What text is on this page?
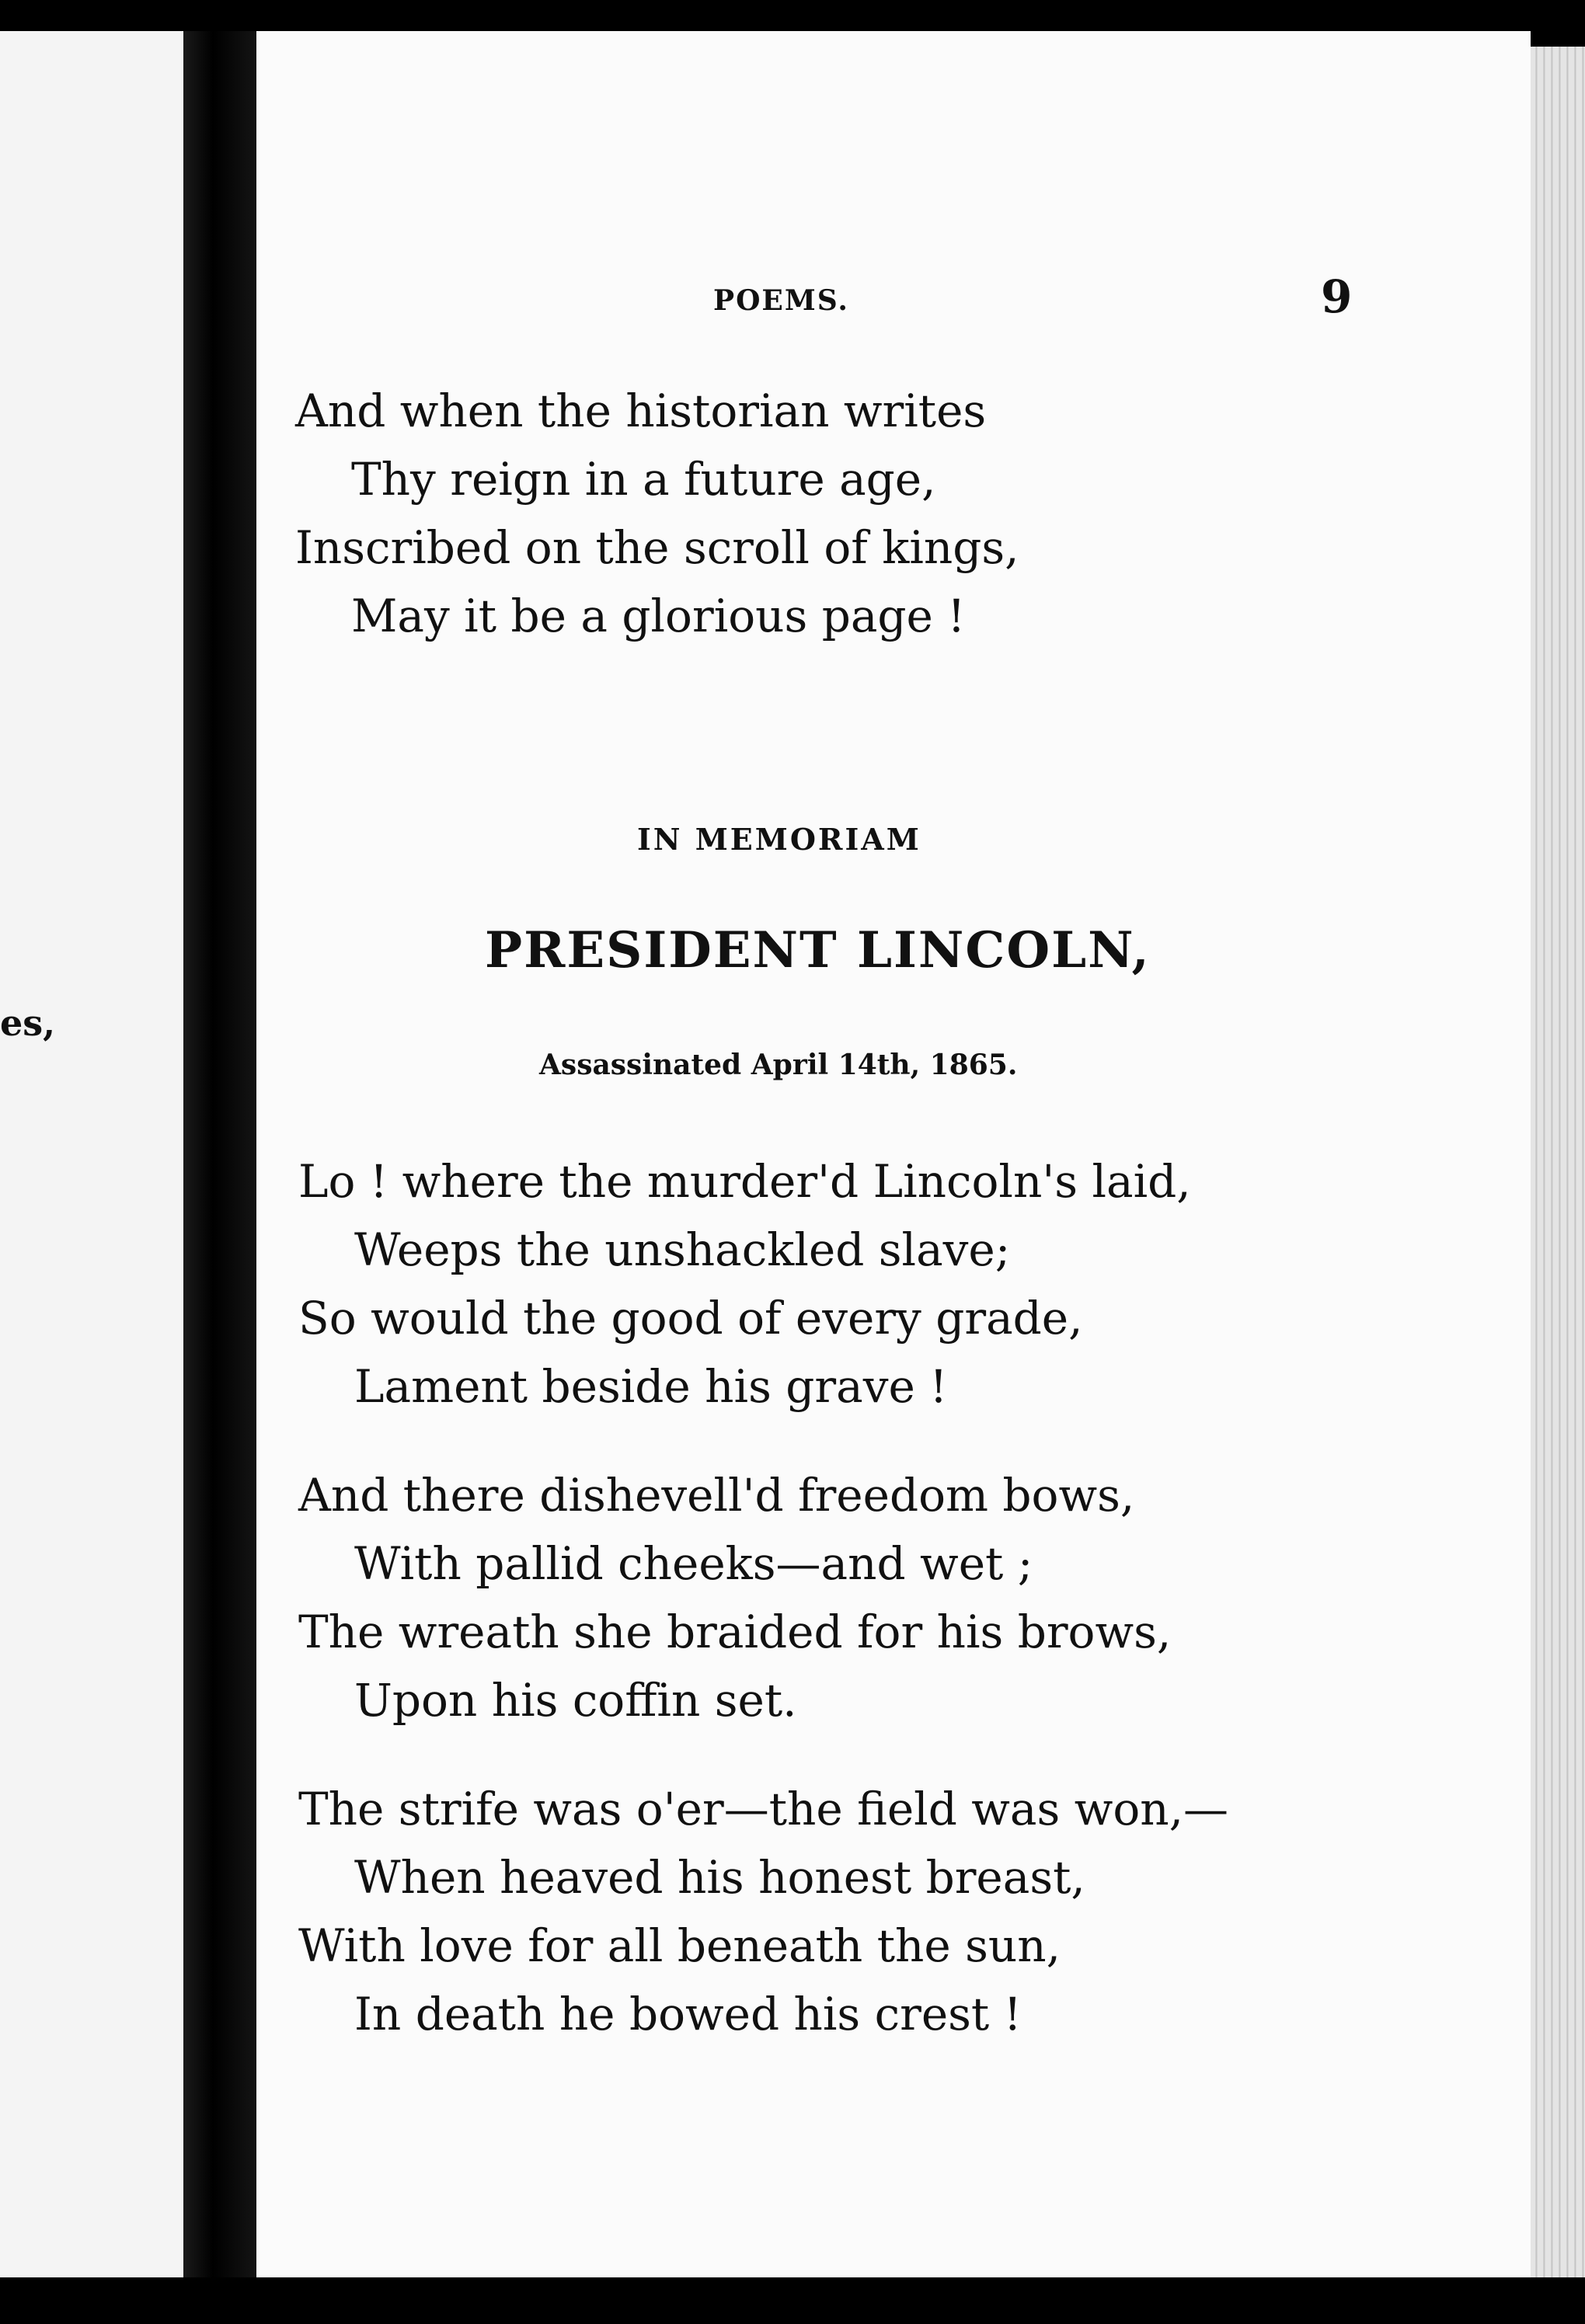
es,
POEMS.	9
And when the historian writes
Thy reign in a future age,
Inscribed on the scroll of kings,
May it be a glorious page !
IN MEMORIAM
PRESIDENT LINCOLN,
Assassinated April 14th, 1865.
Lo ! where the murder'd Lincoln's laid,
Weeps the unshackled slave;
So would the good of every grade,
Lament beside his grave !
And there dishevell'd freedom bows,
With pallid cheeks—and wet ;
The wreath she braided for his brows,
Upon his coffin set.
The strife was o'er—the field was won,—
When heaved his honest breast,
With love for all beneath the sun,
In death he bowed his crest !
